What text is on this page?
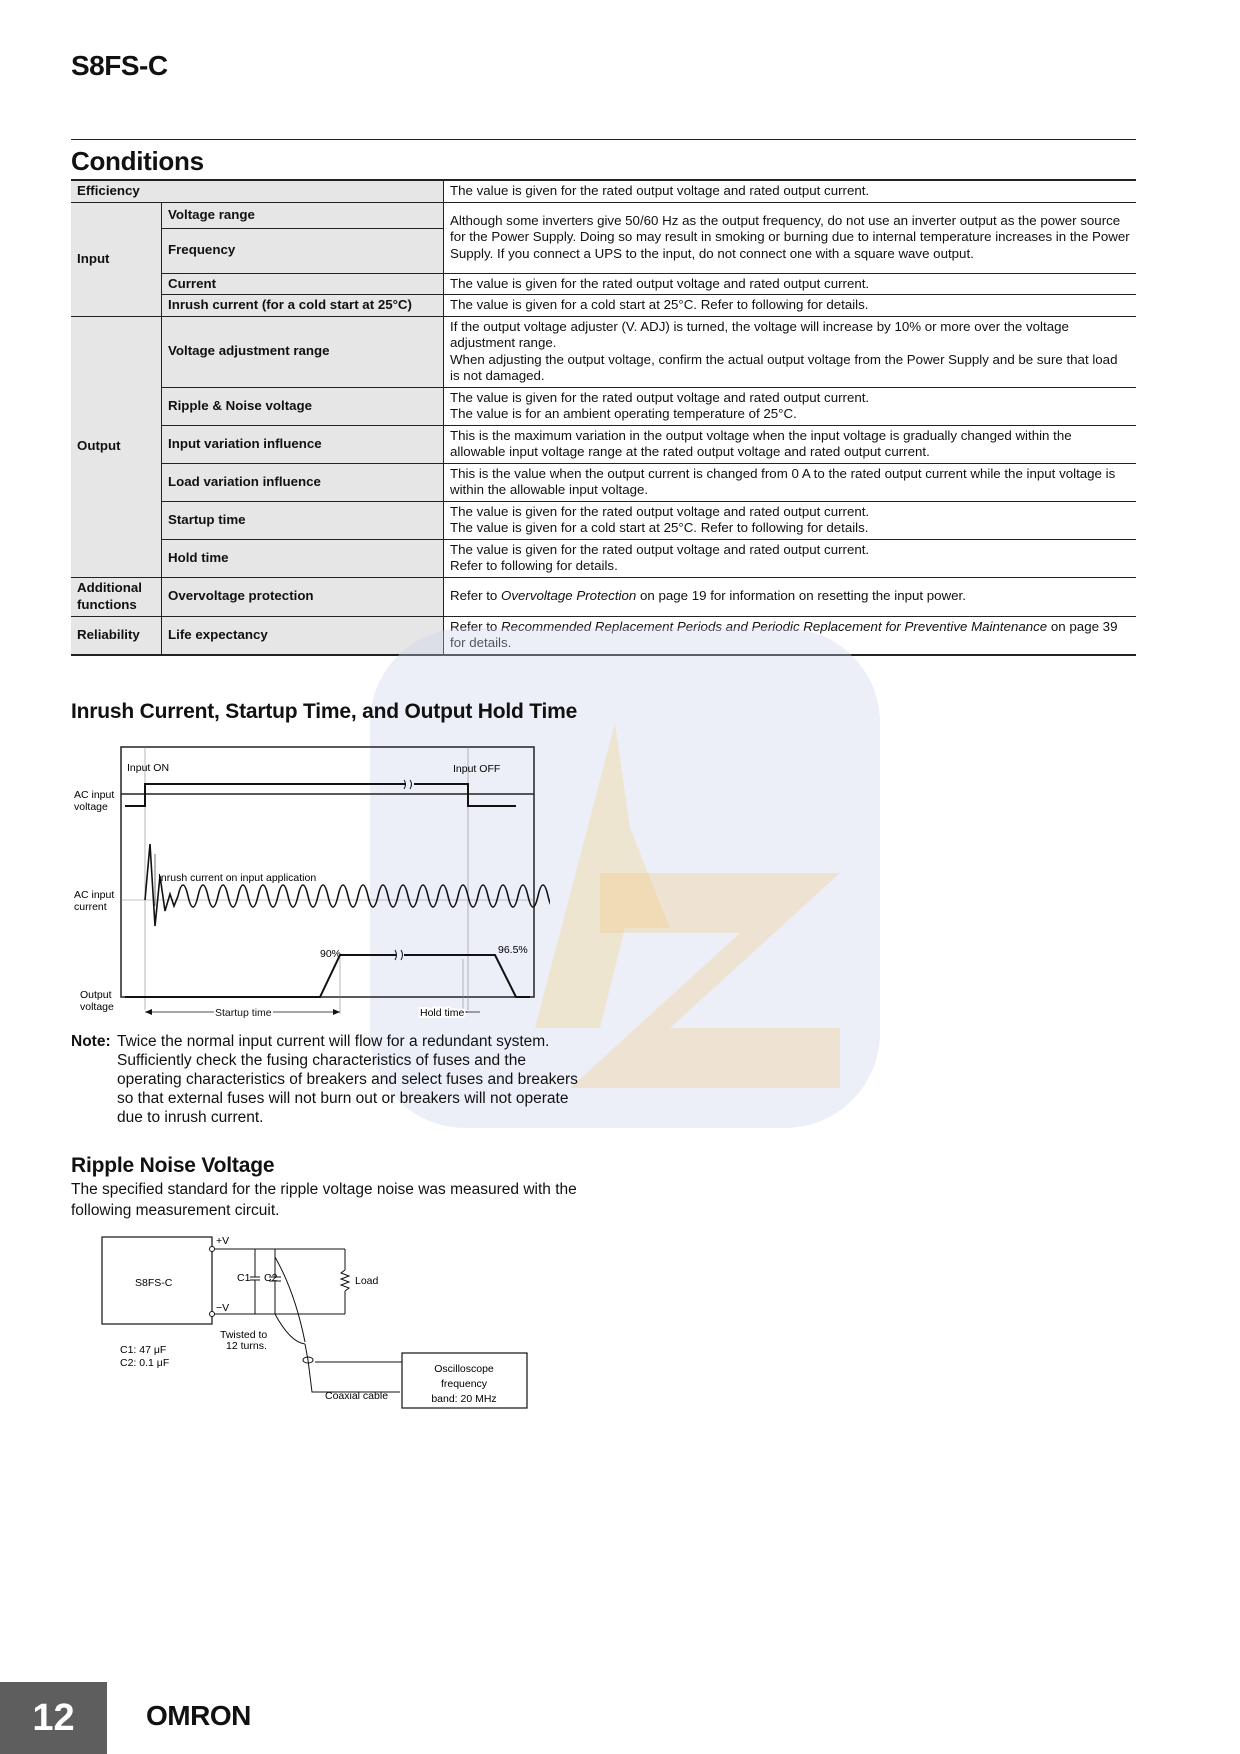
S8FS-C
Conditions
Efficiency		The value is given for the rated output voltage and rated output current.
Input	Voltage range	Although some inverters give 50/60 Hz as the output frequency, do not use an inverter output as the power source for the Power Supply. Doing so may result in smoking or burning due to internal temperature increases in the Power Supply. If you connect a UPS to the input, do not connect one with a square wave output.
	Frequency	
	Current	The value is given for the rated output voltage and rated output current.
	Inrush current (for a cold start at 25°C)	The value is given for a cold start at 25°C. Refer to following for details.
Output	Voltage adjustment range	If the output voltage adjuster (V. ADJ) is turned, the voltage will increase by 10% or more over the voltage adjustment range.
When adjusting the output voltage, confirm the actual output voltage from the Power Supply and be sure that load is not damaged.
	Ripple & Noise voltage	The value is given for the rated output voltage and rated output current.
The value is for an ambient operating temperature of 25°C.
	Input variation influence	This is the maximum variation in the output voltage when the input voltage is gradually changed within the allowable input voltage range at the rated output voltage and rated output current.
	Load variation influence	This is the value when the output current is changed from 0 A to the rated output current while the input voltage is within the allowable input voltage.
	Startup time	The value is given for the rated output voltage and rated output current.
The value is given for a cold start at 25°C. Refer to following for details.
	Hold time	The value is given for the rated output voltage and rated output current.
Refer to following for details.
Additional functions	Overvoltage protection	Refer to Overvoltage Protection on page 19 for information on resetting the input power.
Reliability	Life expectancy	Refer to Recommended Replacement Periods and Periodic Replacement for Preventive Maintenance on page 39 for details.
Inrush Current, Startup Time, and Output Hold Time
Input ON	Input OFF
AC input
voltage
Inrush current on input application
AC input
current
90%	96.5%
Output
voltage	Startup time	Hold time
Note: Twice the normal input current will flow for a redundant system. Sufficiently check the fusing characteristics of fuses and the operating characteristics of breakers and select fuses and breakers so that external fuses will not burn out or breakers will not operate due to inrush current.
Ripple Noise Voltage
The specified standard for the ripple voltage noise was measured with the following measurement circuit.
S8FS-C
+V
−V
Load
C1 C2
Twisted to
12 turns.
C1: 47 μF
C2: 0.1 μF
Coaxial cable
Oscilloscope
frequency
band: 20 MHz
12	OMRON
